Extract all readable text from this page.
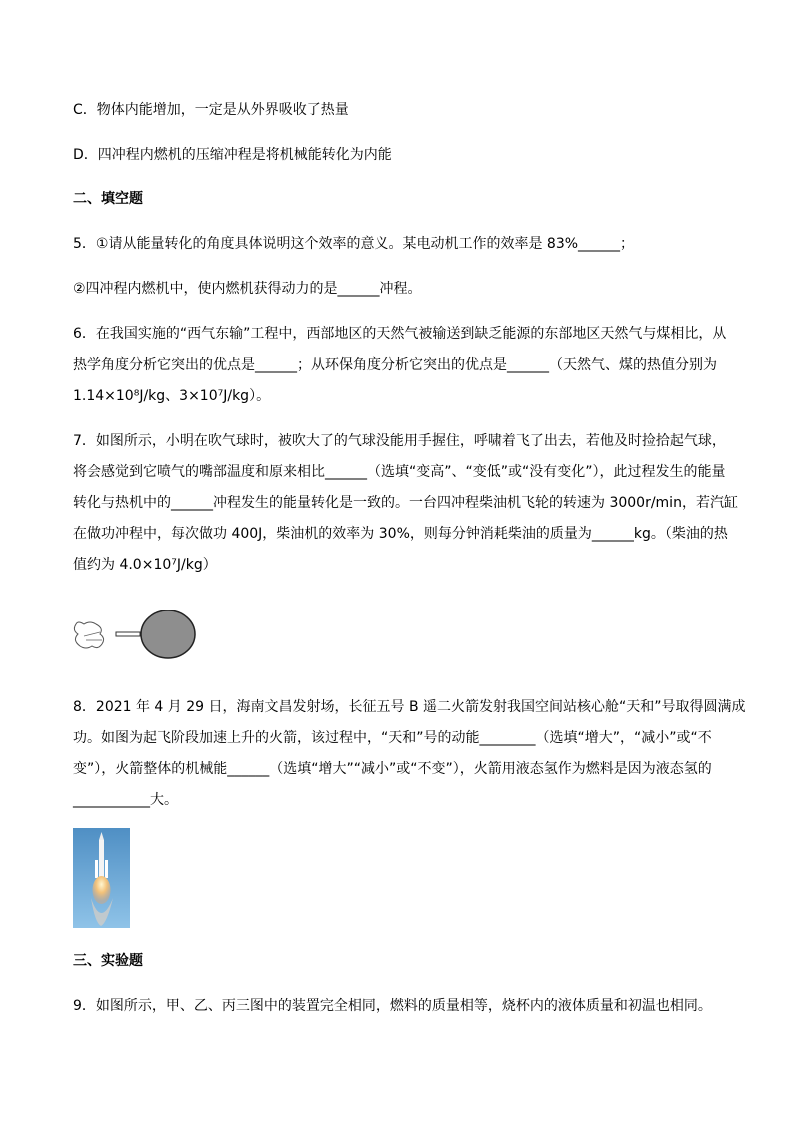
C．物体内能增加，一定是从外界吸收了热量
D．四冲程内燃机的压缩冲程是将机械能转化为内能
二、填空题
5．①请从能量转化的角度具体说明这个效率的意义。某电动机工作的效率是 83%______；
②四冲程内燃机中，使内燃机获得动力的是______冲程。
6．在我国实施的“西气东输”工程中，西部地区的天然气被输送到缺乏能源的东部地区天然气与煤相比，从
热学角度分析它突出的优点是______；从环保角度分析它突出的优点是______（天然气、煤的热值分别为
1.14×10⁸J/kg、3×10⁷J/kg）。
7．如图所示，小明在吹气球时，被吹大了的气球没能用手握住，呼啸着飞了出去，若他及时捡拾起气球，
将会感觉到它喷气的嘴部温度和原来相比______（选填“变高”、“变低”或“没有变化”），此过程发生的能量
转化与热机中的______冲程发生的能量转化是一致的。一台四冲程柴油机飞轮的转速为 3000r/min，若汽缸
在做功冲程中，每次做功 400J，柴油机的效率为 30%，则每分钟消耗柴油的质量为______kg。（柴油的热
值约为 4.0×10⁷J/kg）
8．2021 年 4 月 29 日，海南文昌发射场，长征五号 B 遥二火箭发射我国空间站核心舱“天和”号取得圆满成
功。如图为起飞阶段加速上升的火箭，该过程中，“天和”号的动能________（选填“增大”，“减小”或“不
变”），火箭整体的机械能______（选填“增大”“减小”或“不变”），火箭用液态氢作为燃料是因为液态氢的
___________大。
三、实验题
9．如图所示，甲、乙、丙三图中的装置完全相同，燃料的质量相等，烧杯内的液体质量和初温也相同。
